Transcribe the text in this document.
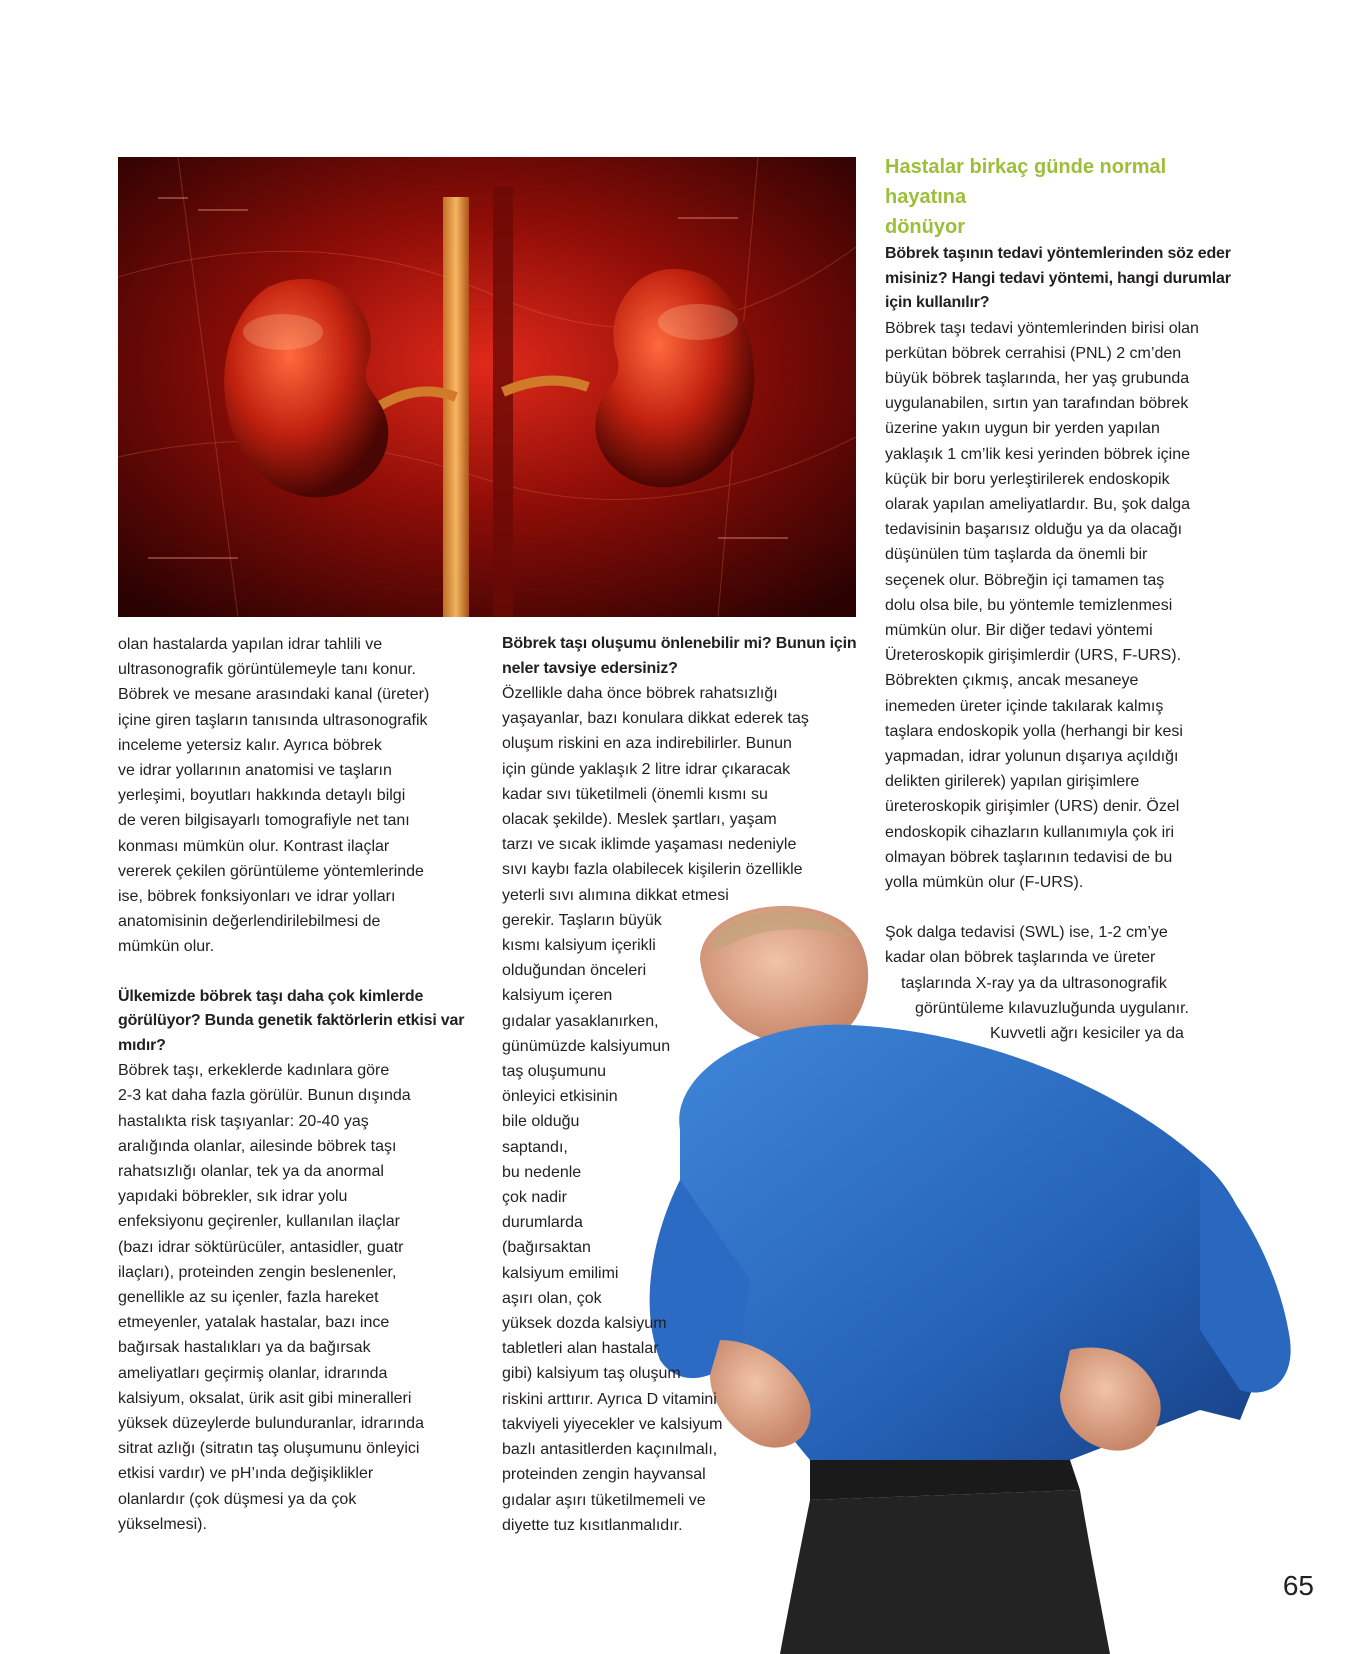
olan hastalarda yapılan idrar tahlili ve
ultrasonografik görüntülemeyle tanı konur.
Böbrek ve mesane arasındaki kanal (üreter)
içine giren taşların tanısında ultrasonografik
inceleme yetersiz kalır. Ayrıca böbrek
ve idrar yollarının anatomisi ve taşların
yerleşimi, boyutları hakkında detaylı bilgi
de veren bilgisayarlı tomografiyle net tanı
konması mümkün olur. Kontrast ilaçlar
vererek çekilen görüntüleme yöntemlerinde
ise, böbrek fonksiyonları ve idrar yolları
anatomisinin değerlendirilebilmesi de
mümkün olur.

Ülkemizde böbrek taşı daha çok kimlerde
görülüyor? Bunda genetik faktörlerin etkisi var
mıdır?

Böbrek taşı, erkeklerde kadınlara göre
2-3 kat daha fazla görülür. Bunun dışında
hastalıkta risk taşıyanlar: 20-40 yaş
aralığında olanlar, ailesinde böbrek taşı
rahatsızlığı olanlar, tek ya da anormal
yapıdaki böbrekler, sık idrar yolu
enfeksiyonu geçirenler, kullanılan ilaçlar
(bazı idrar söktürücüler, antasidler, guatr
ilaçları), proteinden zengin beslenenler,
genellikle az su içenler, fazla hareket
etmeyenler, yatalak hastalar, bazı ince
bağırsak hastalıkları ya da bağırsak
ameliyatları geçirmiş olanlar, idrarında
kalsiyum, oksalat, ürik asit gibi mineralleri
yüksek düzeylerde bulunduranlar, idrarında
sitrat azlığı (sitratın taş oluşumunu önleyici
etkisi vardır) ve pH’ında değişiklikler
olanlardır (çok düşmesi ya da çok
yükselmesi).

Böbrek taşı oluşumu önlenebilir mi? Bunun için
neler tavsiye edersiniz?

Özellikle daha önce böbrek rahatsızlığı
yaşayanlar, bazı konulara dikkat ederek taş
oluşum riskini en aza indirebilirler. Bunun
için günde yaklaşık 2 litre idrar çıkaracak
kadar sıvı tüketilmeli (önemli kısmı su
olacak şekilde). Meslek şartları, yaşam
tarzı ve sıcak iklimde yaşaması nedeniyle
sıvı kaybı fazla olabilecek kişilerin özellikle
yeterli sıvı alımına dikkat etmesi
gerekir. Taşların büyük
kısmı kalsiyum içerikli
olduğundan önceleri
kalsiyum içeren
gıdalar yasaklanırken,
günümüzde kalsiyumun
taş oluşumunu
önleyici etkisinin
bile olduğu
saptandı,
bu nedenle
çok nadir
durumlarda
(bağırsaktan
kalsiyum emilimi
aşırı olan, çok
yüksek dozda kalsiyum
tabletleri alan hastalar
gibi) kalsiyum taş oluşum
riskini arttırır. Ayrıca D vitamini
takviyeli yiyecekler ve kalsiyum
bazlı antasitlerden kaçınılmalı,
proteinden zengin hayvansal
gıdalar aşırı tüketilmemeli ve
diyette tuz kısıtlanmalıdır.

Hastalar birkaç günde normal hayatına
dönüyor

Böbrek taşının tedavi yöntemlerinden söz eder
misiniz? Hangi tedavi yöntemi, hangi durumlar
için kullanılır?

Böbrek taşı tedavi yöntemlerinden birisi olan
perkütan böbrek cerrahisi (PNL) 2 cm’den
büyük böbrek taşlarında, her yaş grubunda
uygulanabilen, sırtın yan tarafından böbrek
üzerine yakın uygun bir yerden yapılan
yaklaşık 1 cm’lik kesi yerinden böbrek içine
küçük bir boru yerleştirilerek endoskopik
olarak yapılan ameliyatlardır. Bu, şok dalga
tedavisinin başarısız olduğu ya da olacağı
düşünülen tüm taşlarda da önemli bir
seçenek olur. Böbreğin içi tamamen taş
dolu olsa bile, bu yöntemle temizlenmesi
mümkün olur. Bir diğer tedavi yöntemi
Üreteroskopik girişimlerdir (URS, F-URS).
Böbrekten çıkmış, ancak mesaneye
inemeden üreter içinde takılarak kalmış
taşlara endoskopik yolla (herhangi bir kesi
yapmadan, idrar yolunun dışarıya açıldığı
delikten girilerek) yapılan girişimlere
üreteroskopik girişimler (URS) denir. Özel
endoskopik cihazların kullanımıyla çok iri
olmayan böbrek taşlarının tedavisi de bu
yolla mümkün olur (F-URS).

Şok dalga tedavisi (SWL) ise, 1-2 cm’ye
kadar olan böbrek taşlarında ve üreter
taşlarında X-ray ya da ultrasonografik
görüntüleme kılavuzluğunda uygulanır.
Kuvvetli ağrı kesiciler ya da
65
